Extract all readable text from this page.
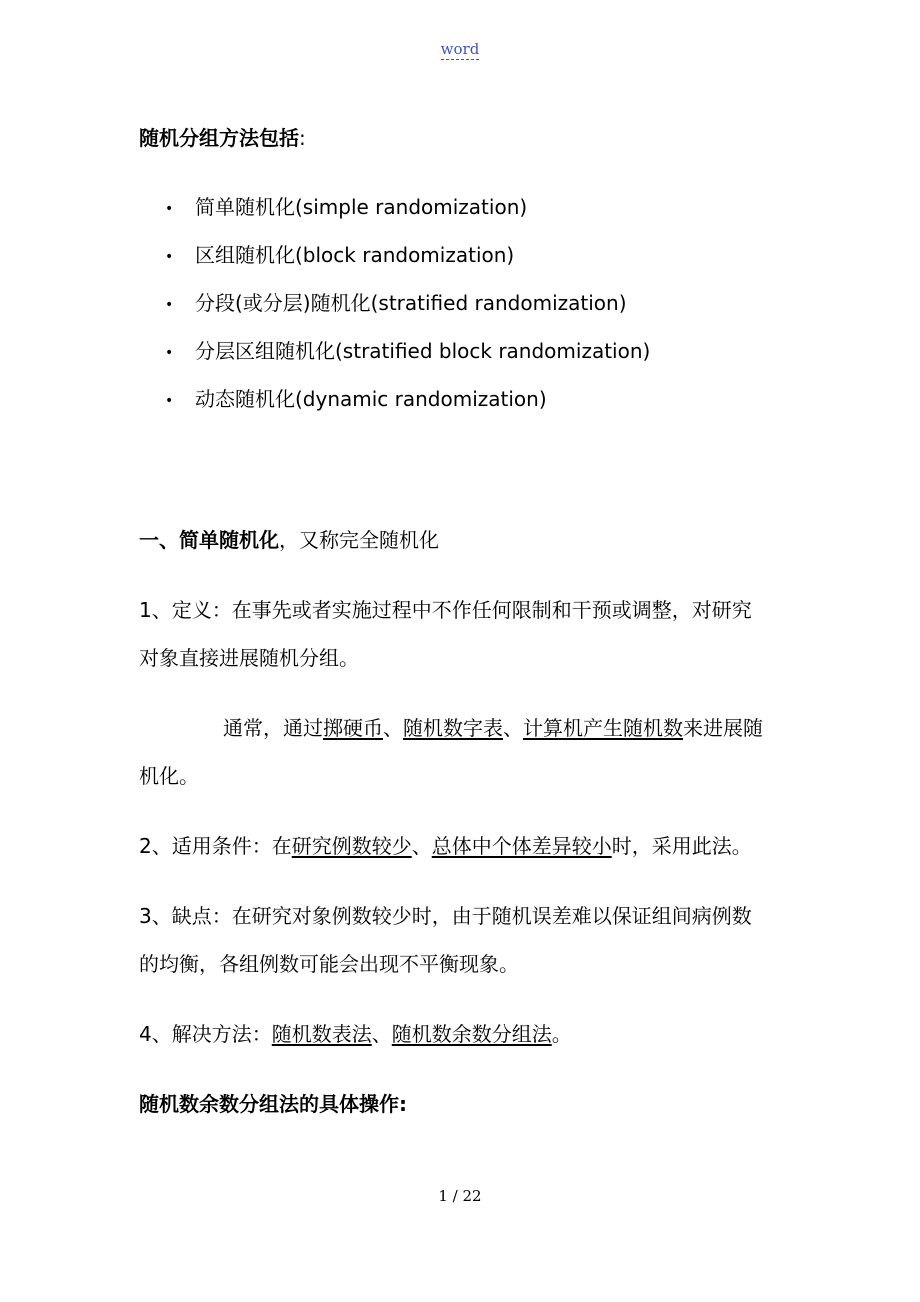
word
随机分组方法包括:
• 简单随机化(simple randomization)
• 区组随机化(block randomization)
• 分段(或分层)随机化(stratified randomization)
• 分层区组随机化(stratified block randomization)
• 动态随机化(dynamic randomization)
一、简单随机化，又称完全随机化
1、定义：在事先或者实施过程中不作任何限制和干预或调整，对研究
对象直接进展随机分组。
通常，通过掷硬币、随机数字表、计算机产生随机数来进展随
机化。
2、适用条件：在研究例数较少、总体中个体差异较小时，采用此法。
3、缺点：在研究对象例数较少时，由于随机误差难以保证组间病例数
的均衡，各组例数可能会出现不平衡现象。
4、解决方法：随机数表法、随机数余数分组法。
随机数余数分组法的具体操作:
1 / 22
